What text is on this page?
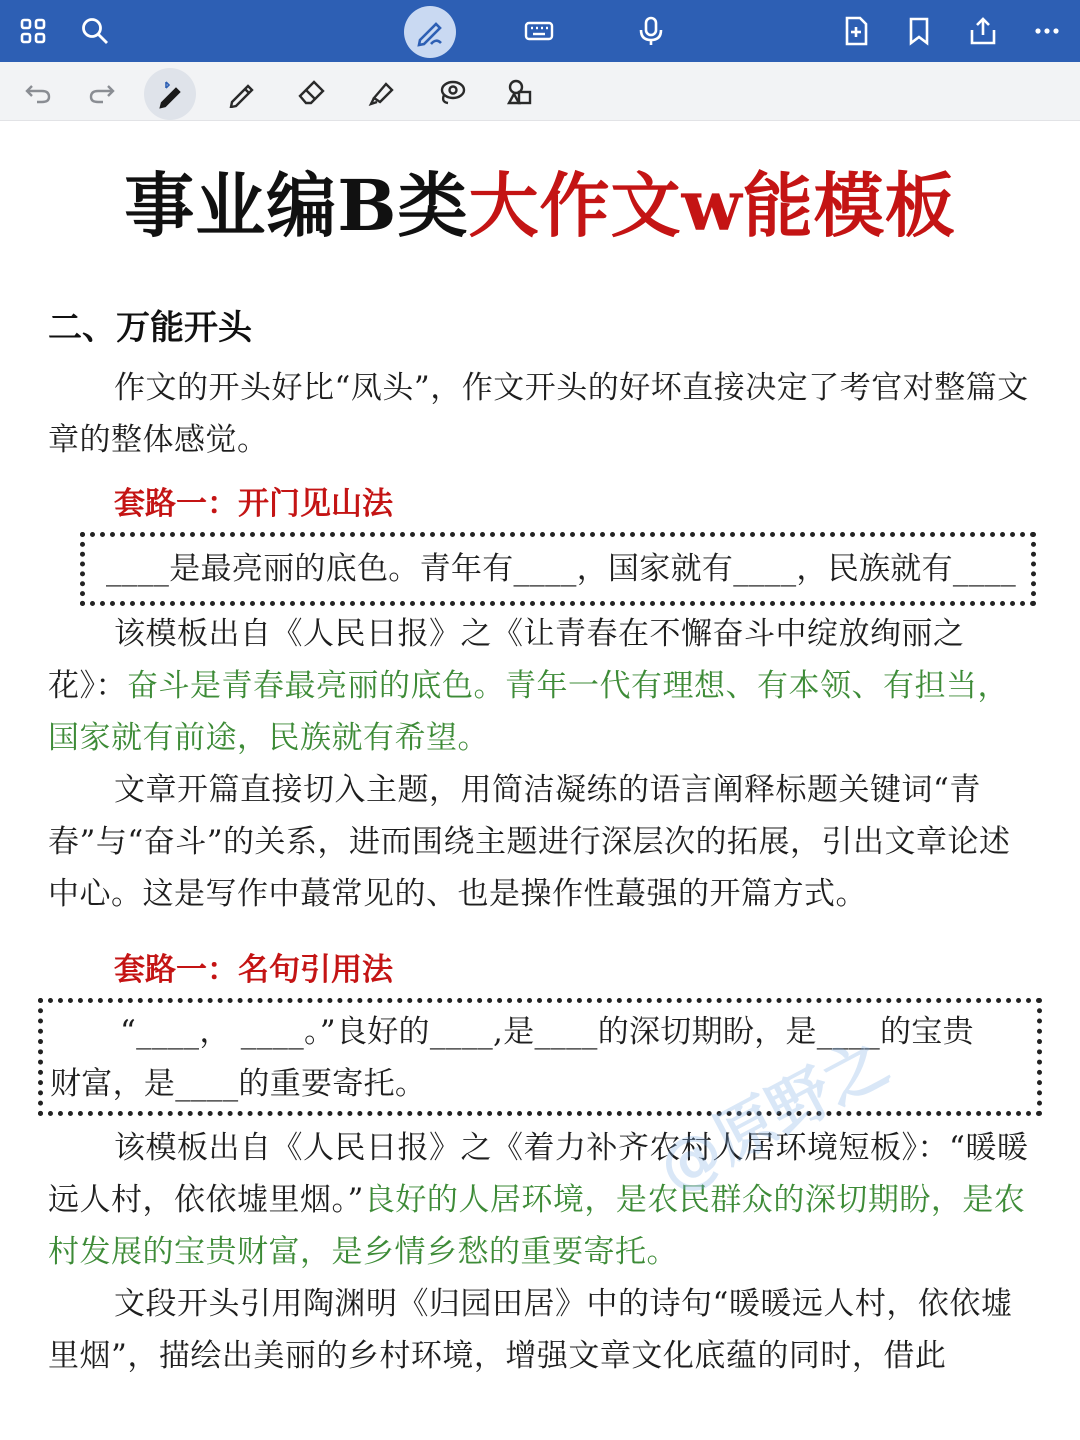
事业编B类大作文w能模板
二、万能开头
作文的开头好比“凤头”，作文开头的好坏直接决定了考官对整篇文章的整体感觉。
套路一：开门见山法
____是最亮丽的底色。青年有____，国家就有____，民族就有____
该模板出自《人民日报》之《让青春在不懈奋斗中绽放绚丽之花》：奋斗是青春最亮丽的底色。青年一代有理想、有本领、有担当，国家就有前途，民族就有希望。
文章开篇直接切入主题，用简洁凝练的语言阐释标题关键词“青春”与“奋斗”的关系，进而围绕主题进行深层次的拓展，引出文章论述中心。这是写作中蕞常见的、也是操作性蕞强的开篇方式。
套路一：名句引用法
“____， ____。”良好的____,是____的深切期盼，是____的宝贵
财富，是____的重要寄托。
该模板出自《人民日报》之《着力补齐农村人居环境短板》：“暖暖远人村，依依墟里烟。”良好的人居环境，是农民群众的深切期盼，是农村发展的宝贵财富，是乡情乡愁的重要寄托。
文段开头引用陶渊明《归园田居》中的诗句“暖暖远人村，依依墟里烟”，描绘出美丽的乡村环境，增强文章文化底蕴的同时，借此
@原野之
